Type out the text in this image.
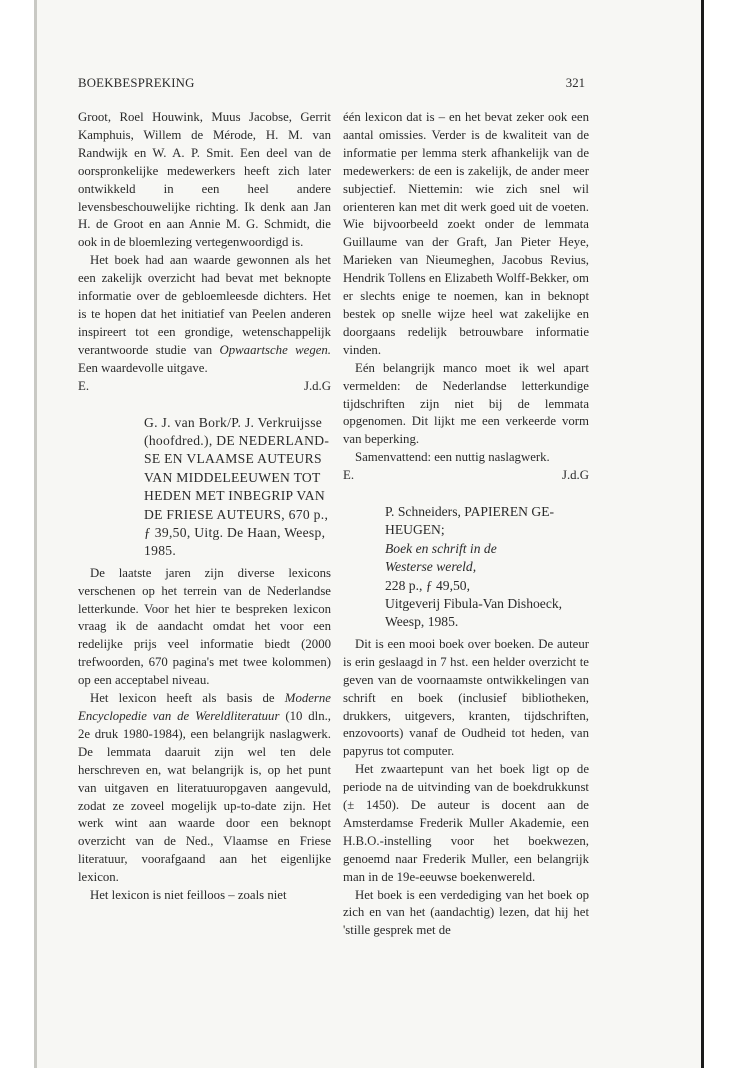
BOEKBESPREKING	321

Groot, Roel Houwink, Muus Jacobse, Gerrit Kamphuis, Willem de Mérode, H. M. van Randwijk en W. A. P. Smit. Een deel van de oorspronkelijke medewerkers heeft zich later ontwikkeld in een heel andere levensbeschouwelijke richting. Ik denk aan Jan H. de Groot en aan Annie M. G. Schmidt, die ook in de bloemlezing vertegenwoordigd is.

Het boek had aan waarde gewonnen als het een zakelijk overzicht had bevat met beknopte informatie over de gebloemleesde dichters. Het is te hopen dat het initiatief van Peelen anderen inspireert tot een grondige, wetenschappelijk verantwoorde studie van Opwaartsche wegen. Een waardevolle uitgave.

E.	J.d.G
G. J. van Bork/P. J. Verkruijsse
(hoofdred.), DE NEDERLAND-
SE EN VLAAMSE AUTEURS
VAN MIDDELEEUWEN TOT
HEDEN MET INBEGRIP VAN
DE FRIESE AUTEURS, 670 p.,
ƒ 39,50, Uitg. De Haan, Weesp,
1985.

De laatste jaren zijn diverse lexicons verschenen op het terrein van de Nederlandse letterkunde. Voor het hier te bespreken lexicon vraag ik de aandacht omdat het voor een redelijke prijs veel informatie biedt (2000 trefwoorden, 670 pagina's met twee kolommen) op een acceptabel niveau.

Het lexicon heeft als basis de Moderne Encyclopedie van de Wereldliteratuur (10 dln., 2e druk 1980-1984), een belangrijk naslagwerk. De lemmata daaruit zijn wel ten dele herschreven en, wat belangrijk is, op het punt van uitgaven en literatuuropgaven aangevuld, zodat ze zoveel mogelijk up-to-date zijn. Het werk wint aan waarde door een beknopt overzicht van de Ned., Vlaamse en Friese literatuur, voorafgaand aan het eigenlijke lexicon.

Het lexicon is niet feilloos – zoals niet

één lexicon dat is – en het bevat zeker ook een aantal omissies. Verder is de kwaliteit van de informatie per lemma sterk afhankelijk van de medewerkers: de een is zakelijk, de ander meer subjectief. Niettemin: wie zich snel wil orienteren kan met dit werk goed uit de voeten. Wie bijvoorbeeld zoekt onder de lemmata Guillaume van der Graft, Jan Pieter Heye, Marieken van Nieumeghen, Jacobus Revius, Hendrik Tollens en Elizabeth Wolff-Bekker, om er slechts enige te noemen, kan in beknopt bestek op snelle wijze heel wat zakelijke en doorgaans redelijk betrouwbare informatie vinden.

Eén belangrijk manco moet ik wel apart vermelden: de Nederlandse letterkundige tijdschriften zijn niet bij de lemmata opgenomen. Dit lijkt me een verkeerde vorm van beperking.

Samenvattend: een nuttig naslagwerk.

E.	J.d.G
P. Schneiders, PAPIEREN GE-
HEUGEN;
Boek en schrift in de
Westerse wereld,
228 p., ƒ 49,50,
Uitgeverij Fibula-Van Dishoeck,
Weesp, 1985.

Dit is een mooi boek over boeken. De auteur is erin geslaagd in 7 hst. een helder overzicht te geven van de voornaamste ontwikkelingen van schrift en boek (inclusief bibliotheken, drukkers, uitgevers, kranten, tijdschriften, enzovoorts) vanaf de Oudheid tot heden, van papyrus tot computer.

Het zwaartepunt van het boek ligt op de periode na de uitvinding van de boekdrukkunst (± 1450). De auteur is docent aan de Amsterdamse Frederik Muller Akademie, een H.B.O.-instelling voor het boekwezen, genoemd naar Frederik Muller, een belangrijk man in de 19e-eeuwse boekenwereld.

Het boek is een verdediging van het boek op zich en van het (aandachtig) lezen, dat hij het 'stille gesprek met de
